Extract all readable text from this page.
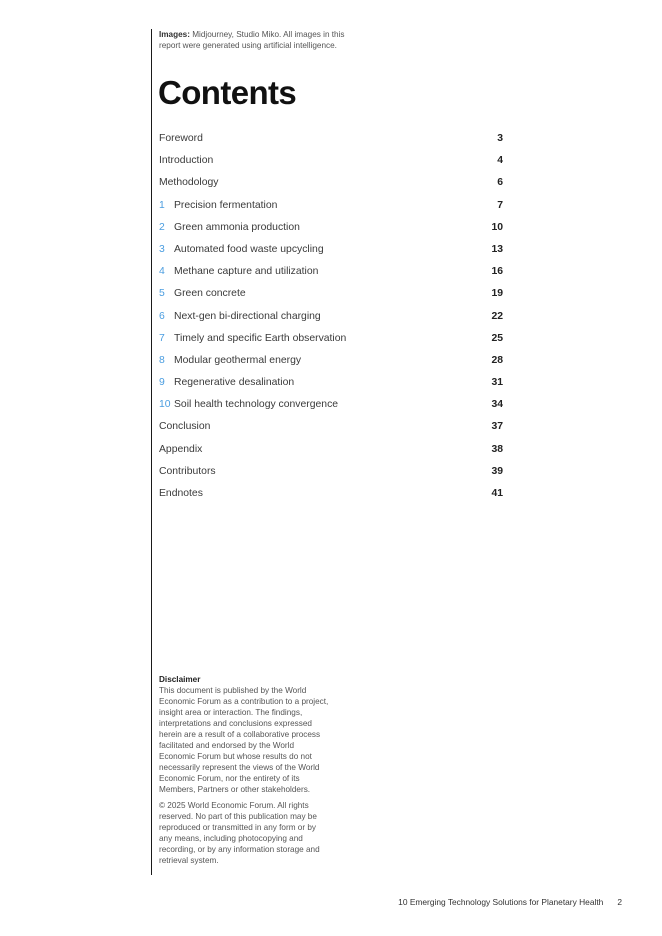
Images: Midjourney, Studio Miko. All images in this report were generated using artificial intelligence.
Contents
Foreword	3
Introduction	4
Methodology	6
1 Precision fermentation	7
2 Green ammonia production	10
3 Automated food waste upcycling	13
4 Methane capture and utilization	16
5 Green concrete	19
6 Next-gen bi-directional charging	22
7 Timely and specific Earth observation	25
8 Modular geothermal energy	28
9 Regenerative desalination	31
10 Soil health technology convergence	34
Conclusion	37
Appendix	38
Contributors	39
Endnotes	41
Disclaimer

This document is published by the World Economic Forum as a contribution to a project, insight area or interaction. The findings, interpretations and conclusions expressed herein are a result of a collaborative process facilitated and endorsed by the World Economic Forum but whose results do not necessarily represent the views of the World Economic Forum, nor the entirety of its Members, Partners or other stakeholders.

© 2025 World Economic Forum. All rights reserved. No part of this publication may be reproduced or transmitted in any form or by any means, including photocopying and recording, or by any information storage and retrieval system.

10 Emerging Technology Solutions for Planetary Health 2
